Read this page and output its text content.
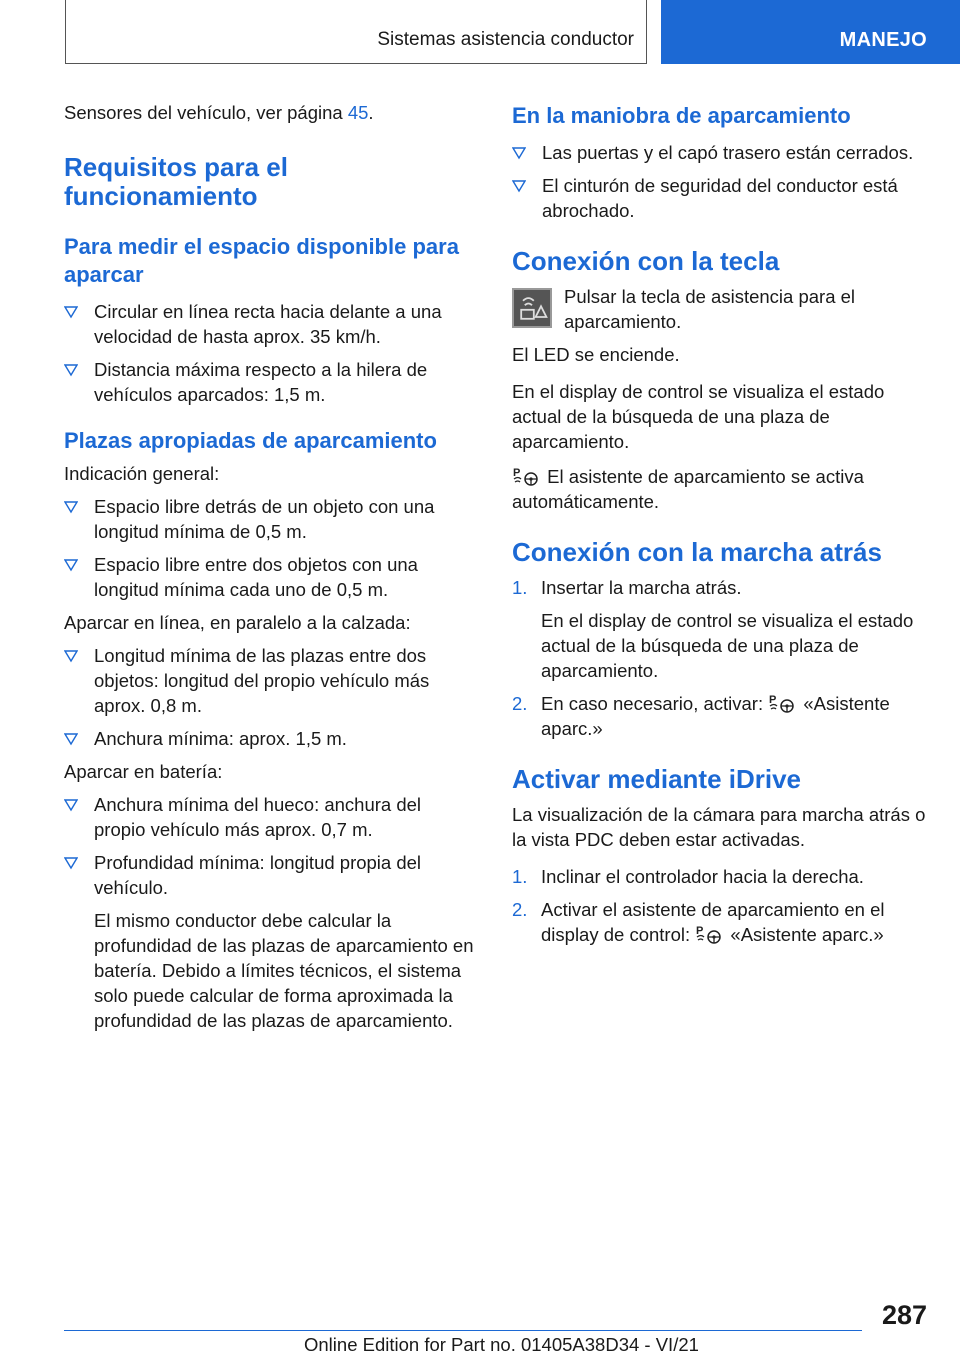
Sistemas asistencia conductor	MANEJO

Sensores del vehículo, ver página 45.

Requisitos para el funcionamiento
Para medir el espacio disponible para aparcar

Circular en línea recta hacia delante a una velocidad de hasta aprox. 35 km/h.

Distancia máxima respecto a la hilera de vehículos aparcados: 1,5 m.

Plazas apropiadas de aparcamiento

Indicación general:

Espacio libre detrás de un objeto con una longitud mínima de 0,5 m.

Espacio libre entre dos objetos con una longitud mínima cada uno de 0,5 m.

Aparcar en línea, en paralelo a la calzada:

Longitud mínima de las plazas entre dos objetos: longitud del propio vehículo más aprox. 0,8 m.

Anchura mínima: aprox. 1,5 m.

Aparcar en batería:

Anchura mínima del hueco: anchura del propio vehículo más aprox. 0,7 m.

Profundidad mínima: longitud propia del vehículo.

El mismo conductor debe calcular la profundidad de las plazas de aparcamiento en batería. Debido a límites técnicos, el sistema solo puede calcular de forma aproximada la profundidad de las plazas de aparcamiento.

En la maniobra de aparcamiento

Las puertas y el capó trasero están cerrados.

El cinturón de seguridad del conductor está abrochado.

Conexión con la tecla

Pulsar la tecla de asistencia para el aparcamiento.

El LED se enciende.

En el display de control se visualiza el estado actual de la búsqueda de una plaza de aparcamiento.

El asistente de aparcamiento se activa automáticamente.

Conexión con la marcha atrás

1. Insertar la marcha atrás.

En el display de control se visualiza el estado actual de la búsqueda de una plaza de aparcamiento.

2. En caso necesario, activar: «Asistente aparc.»

Activar mediante iDrive

La visualización de la cámara para marcha atrás o la vista PDC deben estar activadas.

1. Inclinar el controlador hacia la derecha.

2. Activar el asistente de aparcamiento en el display de control: «Asistente aparc.»

287
Online Edition for Part no. 01405A38D34 - VI/21
